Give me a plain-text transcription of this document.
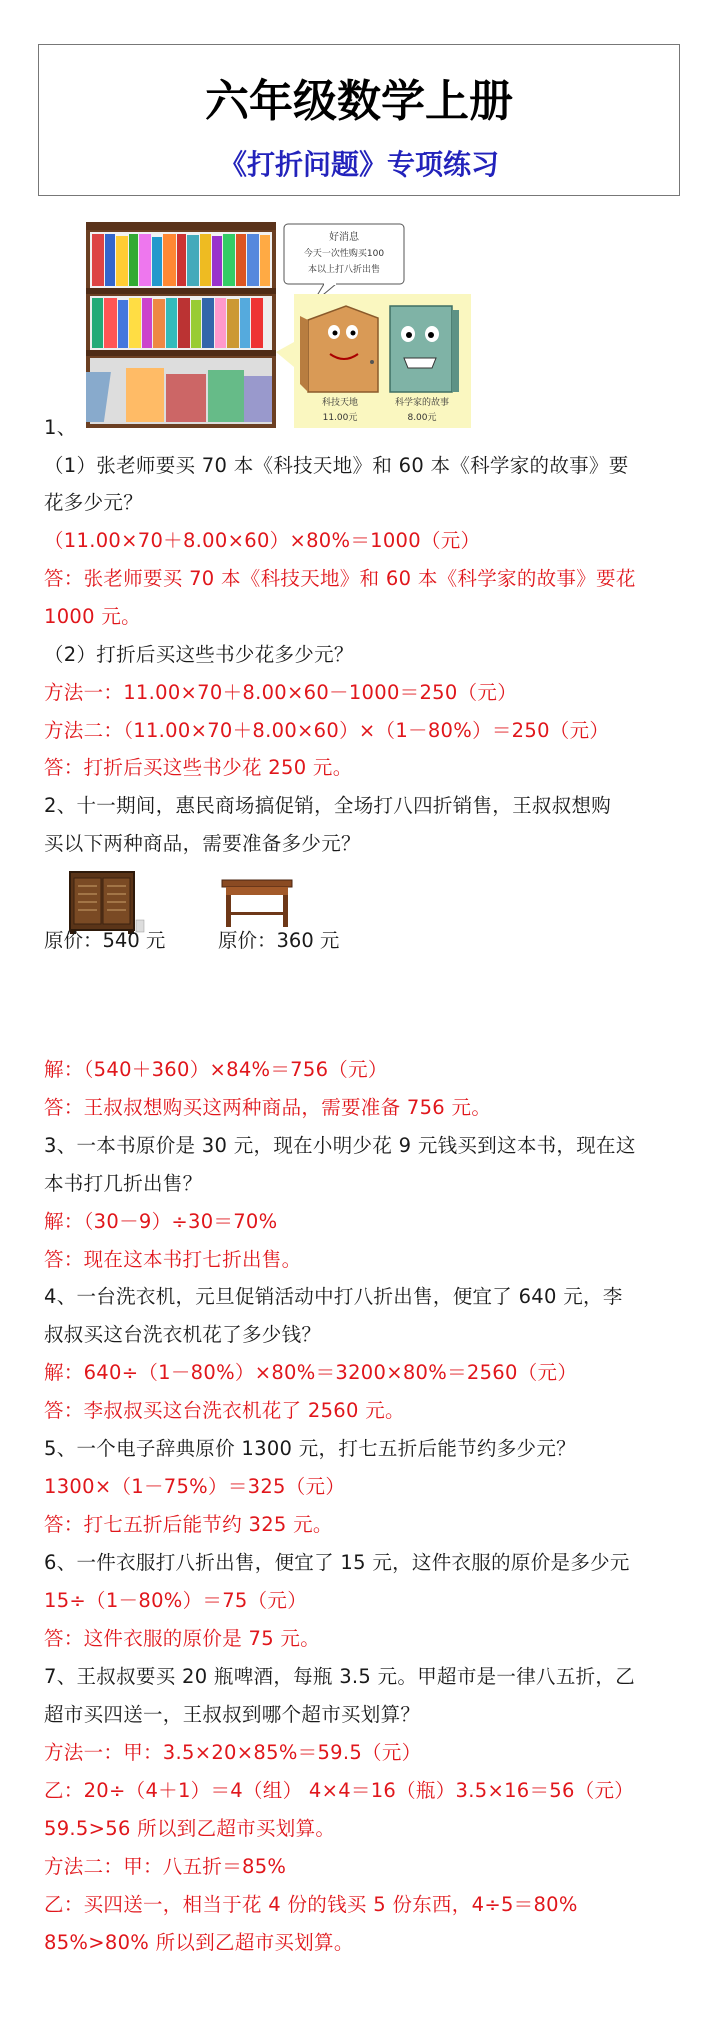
六年级数学上册
《打折问题》专项练习
好消息
今天一次性购买100
本以上打八折出售
科技天地
11.00元
科学家的故事
8.00元
1、
（1）张老师要买 70 本《科技天地》和 60 本《科学家的故事》要
花多少元？
（11.00×70＋8.00×60）×80%＝1000（元）
答：张老师要买 70 本《科技天地》和 60 本《科学家的故事》要花
1000 元。
（2）打折后买这些书少花多少元？
方法一：11.00×70＋8.00×60－1000＝250（元）
方法二：（11.00×70＋8.00×60）×（1－80%）＝250（元）
答：打折后买这些书少花 250 元。
2、十一期间，惠民商场搞促销，全场打八四折销售，王叔叔想购
买以下两种商品，需要准备多少元？
原价：540 元	原价：360 元
解：（540＋360）×84%＝756（元）
答：王叔叔想购买这两种商品，需要准备 756 元。
3、一本书原价是 30 元，现在小明少花 9 元钱买到这本书，现在这
本书打几折出售？
解：（30－9）÷30＝70%
答：现在这本书打七折出售。
4、一台洗衣机，元旦促销活动中打八折出售，便宜了 640 元，李
叔叔买这台洗衣机花了多少钱？
解：640÷（1－80%）×80%＝3200×80%＝2560（元）
答：李叔叔买这台洗衣机花了 2560 元。
5、一个电子辞典原价 1300 元，打七五折后能节约多少元？
1300×（1－75%）＝325（元）
答：打七五折后能节约 325 元。
6、一件衣服打八折出售，便宜了 15 元，这件衣服的原价是多少元
15÷（1－80%）＝75（元）
答：这件衣服的原价是 75 元。
7、王叔叔要买 20 瓶啤酒，每瓶 3.5 元。甲超市是一律八五折，乙
超市买四送一，王叔叔到哪个超市买划算？
方法一：甲：3.5×20×85%＝59.5（元）
乙：20÷（4＋1）＝4（组） 4×4＝16（瓶）3.5×16＝56（元）
59.5>56 所以到乙超市买划算。
方法二：甲：八五折＝85%
乙：买四送一，相当于花 4 份的钱买 5 份东西，4÷5＝80%
85%>80% 所以到乙超市买划算。
